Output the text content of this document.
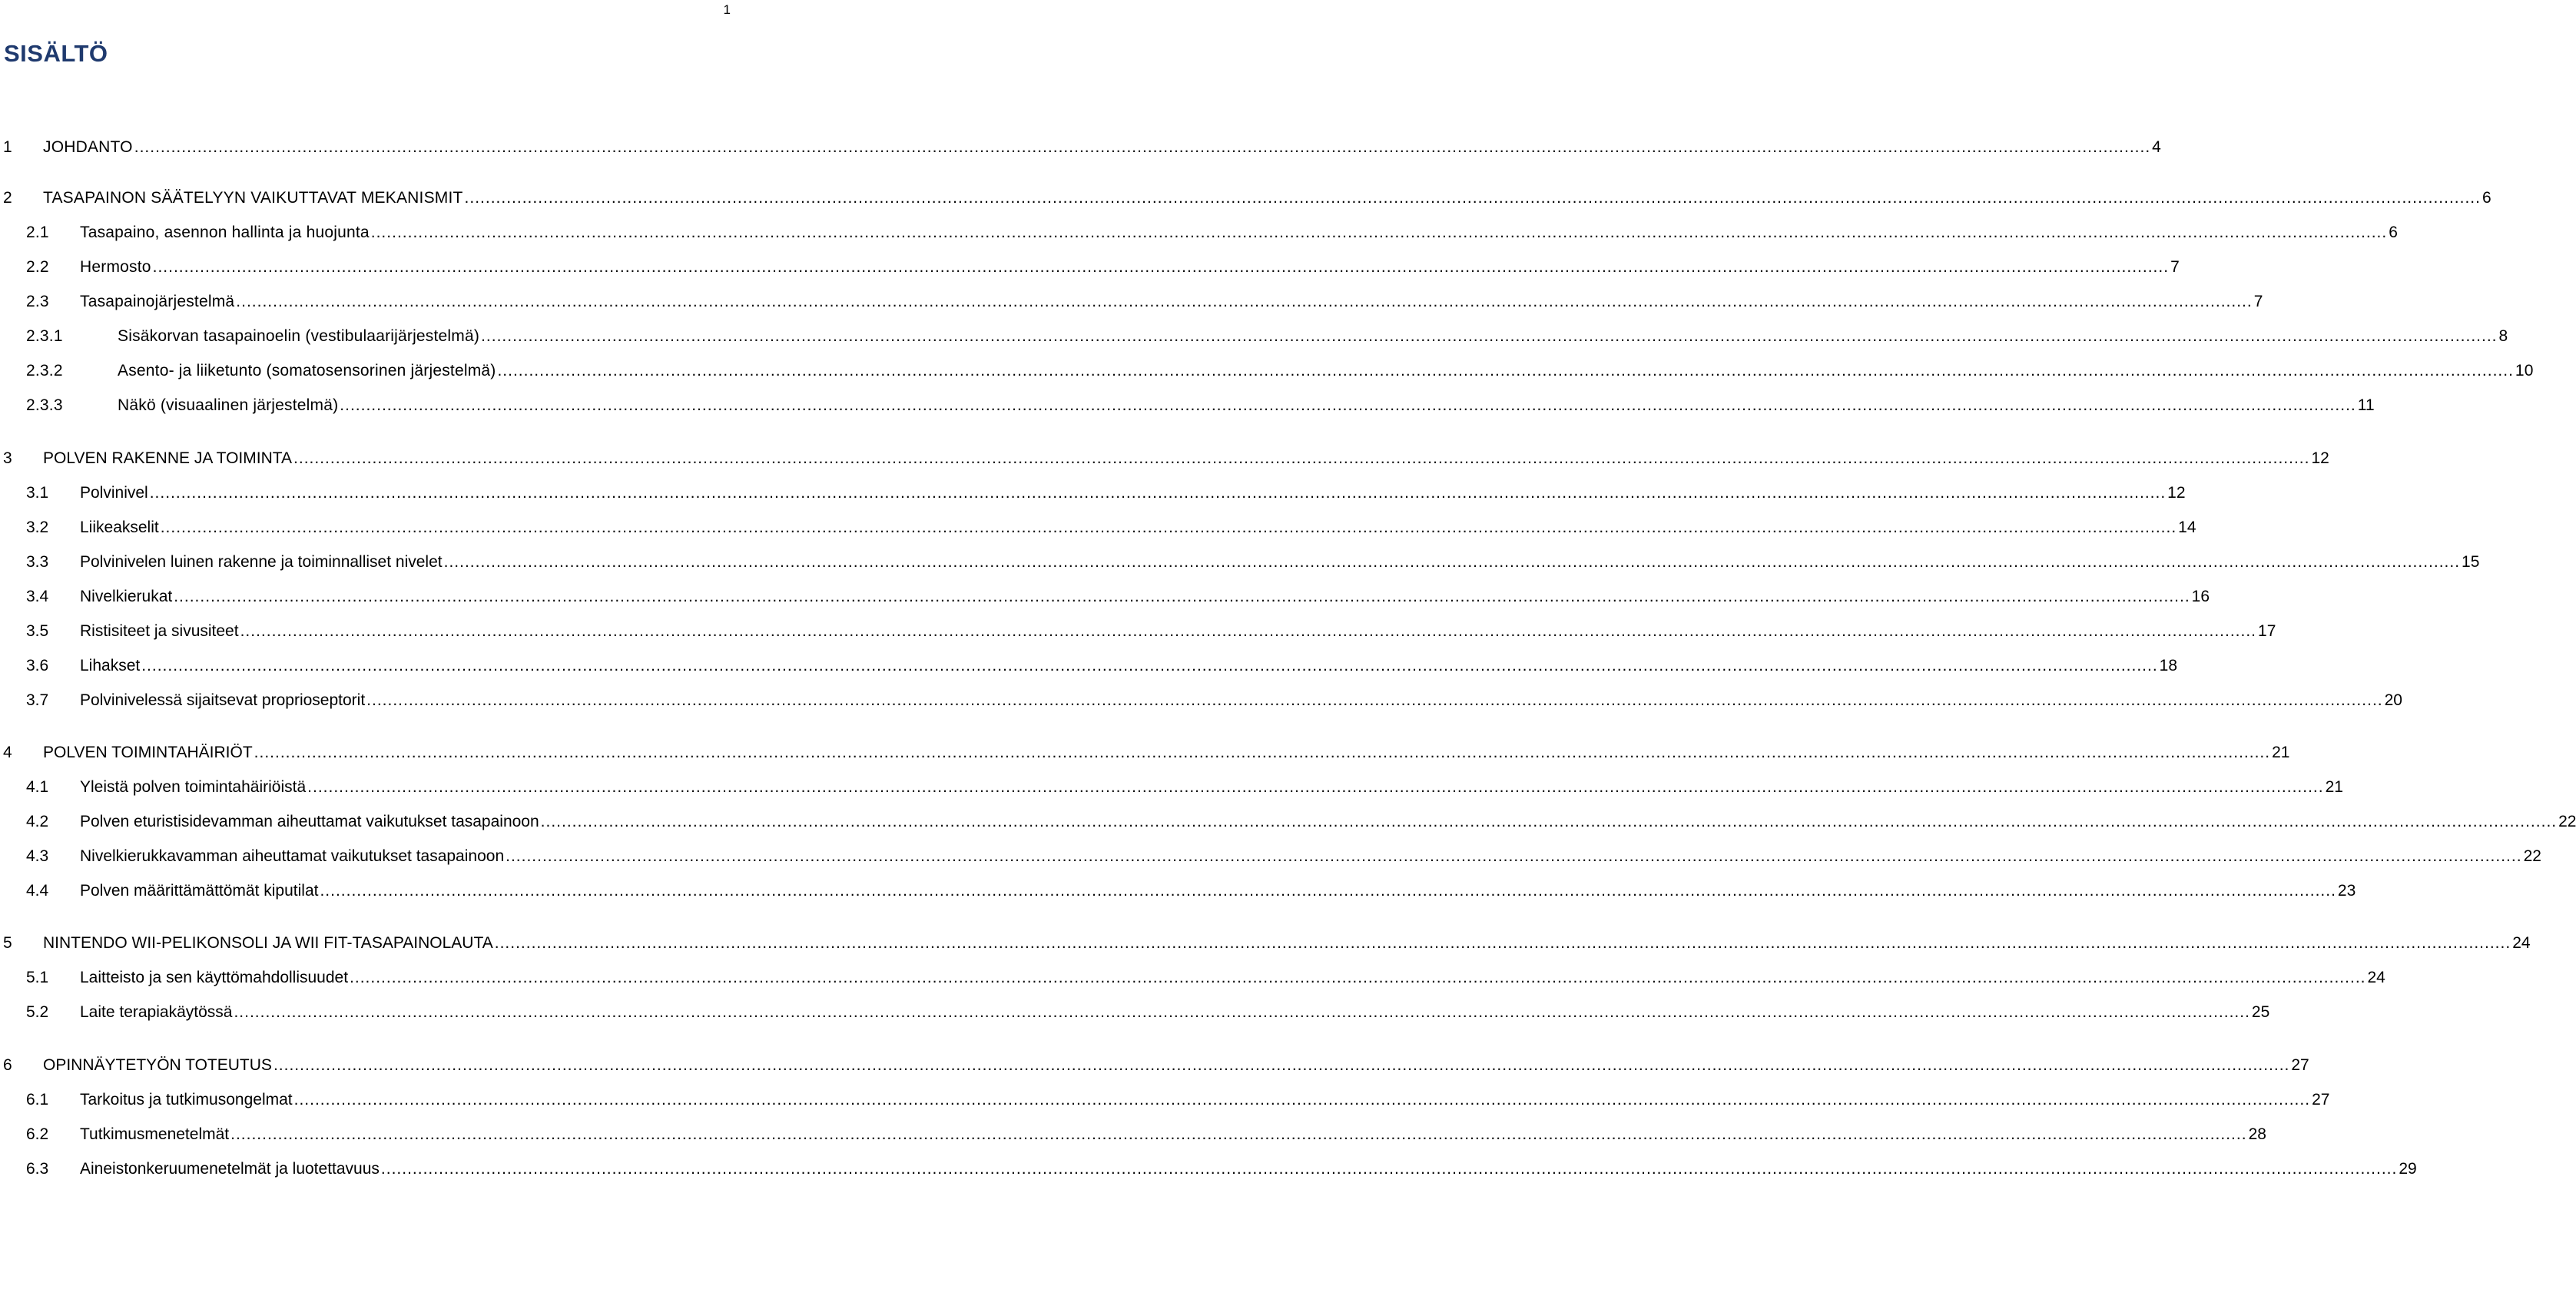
1
SISÄLTÖ
1 JOHDANTO .....	4
2 TASAPAINON SÄÄTELYYN VAIKUTTAVAT MEKANISMIT .....	6
2.1 Tasapaino, asennon hallinta ja huojunta .....	6
2.2 Hermosto .....	7
2.3 Tasapainojärjestelmä .....	7
2.3.1	Sisäkorvan tasapainoelin (vestibulaarijärjestelmä) .....	8
2.3.2	Asento- ja liiketunto (somatosensorinen järjestelmä) .....	10
2.3.3	Näkö (visuaalinen järjestelmä) .....	11
3 POLVEN RAKENNE JA TOIMINTA .....	12
3.1 Polvinivel .....	12
3.2 Liikeakselit .....	14
3.3 Polvinivelen luinen rakenne ja toiminnalliset nivelet .....	15
3.4 Nivelkierukat .....	16
3.5 Ristisiteet ja sivusiteet .....	17
3.6 Lihakset .....	18
3.7 Polvinivelessä sijaitsevat proprioseptorit .....	20
4 POLVEN TOIMINTAHÄIRIÖT .....	21
4.1 Yleistä polven toimintahäiriöistä .....	21
4.2 Polven eturistisidevamman aiheuttamat vaikutukset tasapainoon .....	22
4.3 Nivelkierukkavamman aiheuttamat vaikutukset tasapainoon .....	22
4.4 Polven määrittämättömät kiputilat .....	23
5 NINTENDO WII-PELIKONSOLI JA WII FIT-TASAPAINOLAUTA .....	24
5.1 Laitteisto ja sen käyttömahdollisuudet .....	24
5.2 Laite terapiakäytössä .....	25
6 OPINNÄYTETYÖN TOTEUTUS .....	27
6.1 Tarkoitus ja tutkimusongelmat .....	27
6.2 Tutkimusmenetelmät .....	28
6.3 Aineistonkeruumenetelmät ja luotettavuus .....	29
